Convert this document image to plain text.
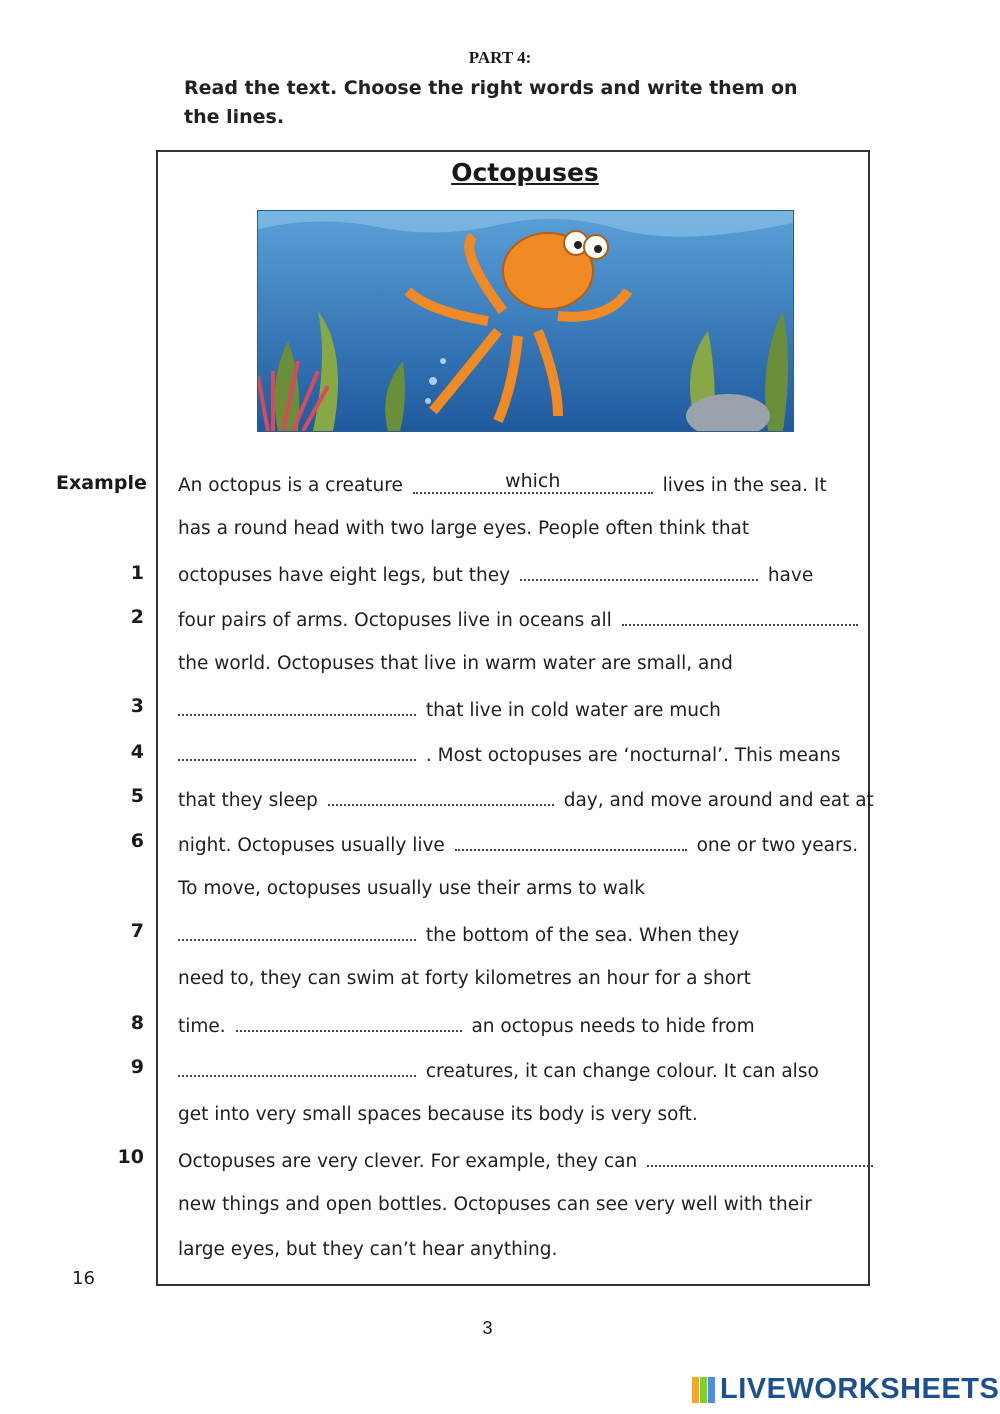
PART 4:
Read the text. Choose the right words and write them on the lines.
Octopuses
Example
1
2
3
4
5
6
7
8
9
10
An octopus is a creature	which	lives in the sea. It
has a round head with two large eyes. People often think that
octopuses have eight legs, but they	have
four pairs of arms. Octopuses live in oceans all
the world. Octopuses that live in warm water are small, and
that live in cold water are much
. Most octopuses are ‘nocturnal’. This means
that they sleep	day, and move around and eat at
night. Octopuses usually live	one or two years.
To move, octopuses usually use their arms to walk
the bottom of the sea. When they
need to, they can swim at forty kilometres an hour for a short
time.	an octopus needs to hide from
creatures, it can change colour. It can also
get into very small spaces because its body is very soft.
Octopuses are very clever. For example, they can
new things and open bottles. Octopuses can see very well with their
large eyes, but they can’t hear anything.
16
3
LIVEWORKSHEETS
